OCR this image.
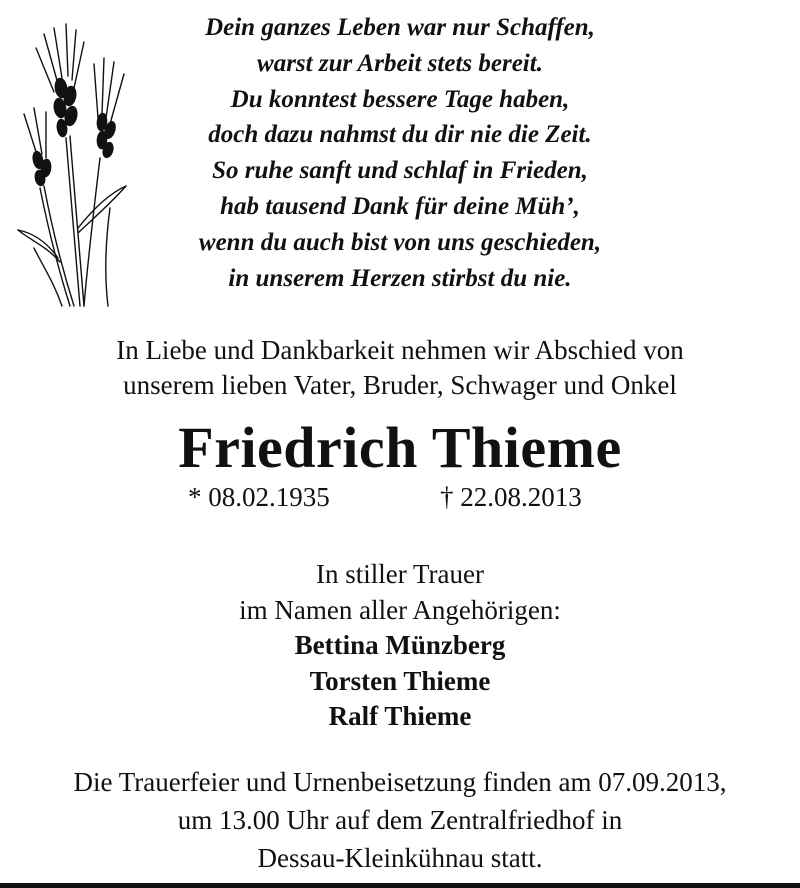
Dein ganzes Leben war nur Schaffen,
warst zur Arbeit stets bereit.
Du konntest bessere Tage haben,
doch dazu nahmst du dir nie die Zeit.
So ruhe sanft und schlaf in Frieden,
hab tausend Dank für deine Müh’,
wenn du auch bist von uns geschieden,
in unserem Herzen stirbst du nie.
In Liebe und Dankbarkeit nehmen wir Abschied von
unserem lieben Vater, Bruder, Schwager und Onkel
Friedrich Thieme
* 08.02.1935	† 22.08.2013
In stiller Trauer
im Namen aller Angehörigen:
Bettina Münzberg
Torsten Thieme
Ralf Thieme
Die Trauerfeier und Urnenbeisetzung finden am 07.09.2013,
um 13.00 Uhr auf dem Zentralfriedhof in
Dessau-Kleinkühnau statt.
